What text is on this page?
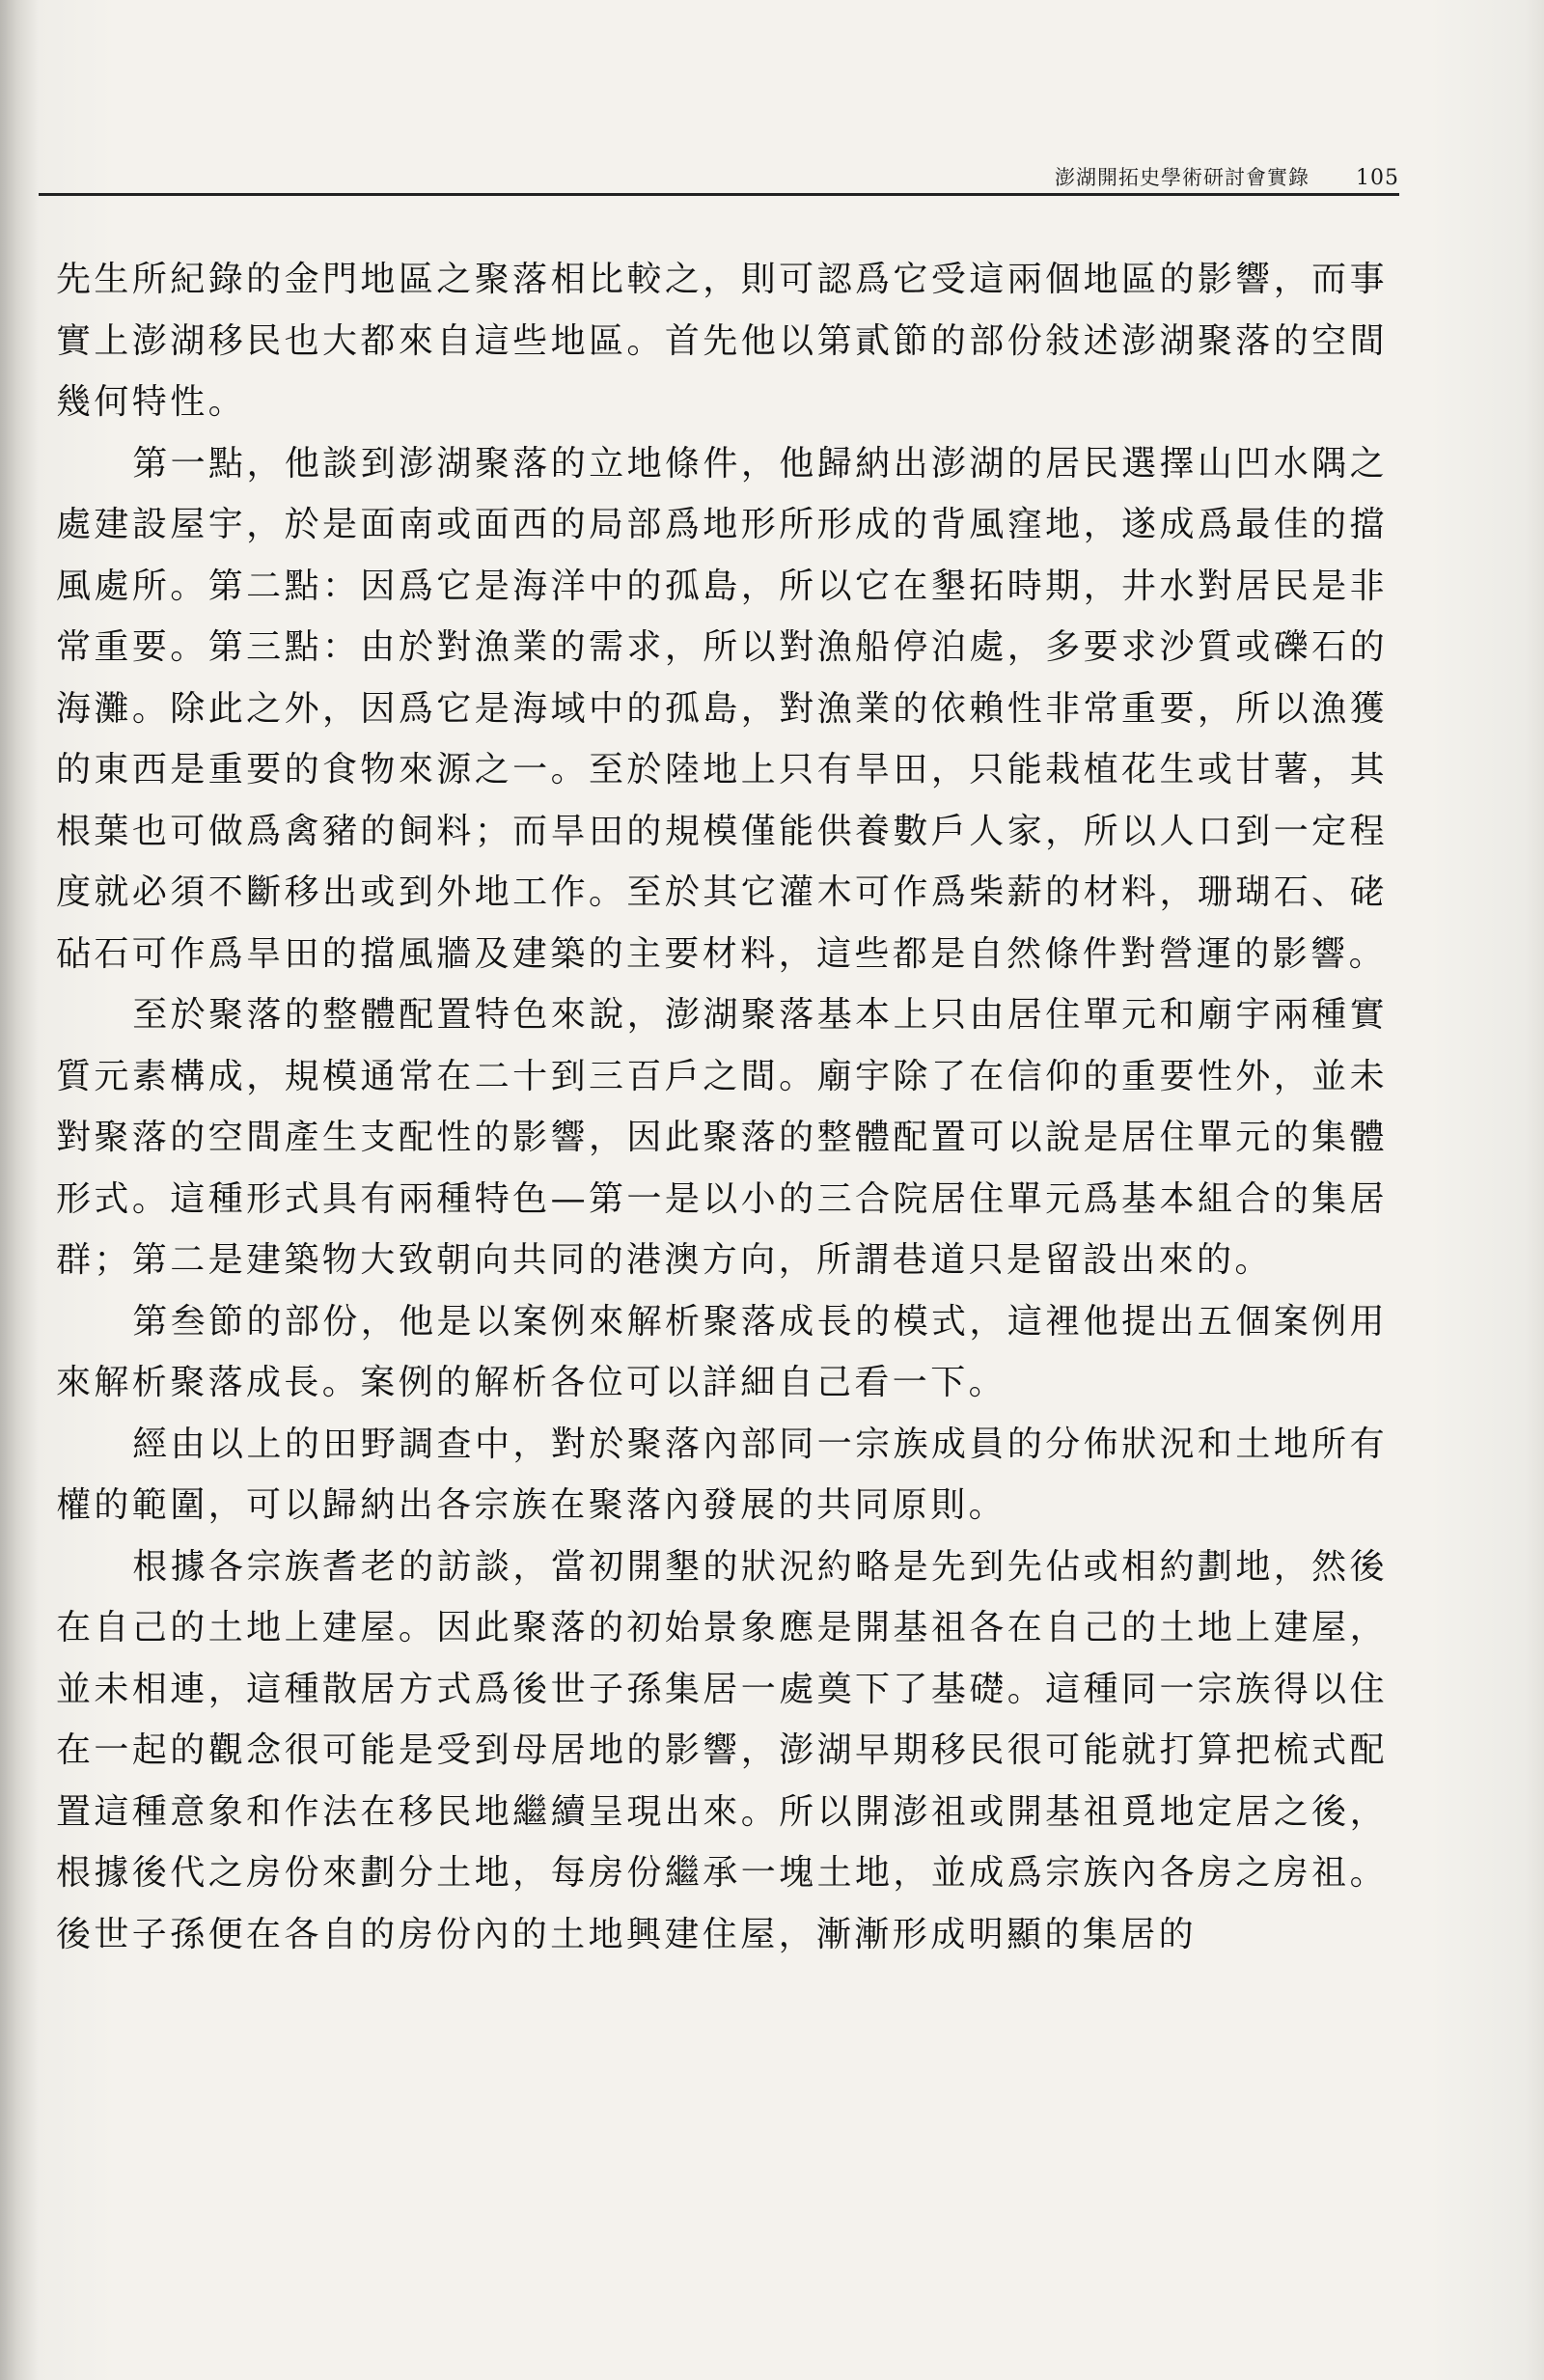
澎湖開拓史學術研討會實錄 105

先生所紀錄的金門地區之聚落相比較之，則可認爲它受這兩個地區的影響，而事實上澎湖移民也大都來自這些地區。首先他以第貳節的部份敍述澎湖聚落的空間幾何特性。

第一點，他談到澎湖聚落的立地條件，他歸納出澎湖的居民選擇山凹水隅之處建設屋宇，於是面南或面西的局部爲地形所形成的背風窪地，遂成爲最佳的擋風處所。第二點：因爲它是海洋中的孤島，所以它在墾拓時期，井水對居民是非常重要。第三點：由於對漁業的需求，所以對漁船停泊處，多要求沙質或礫石的海灘。除此之外，因爲它是海域中的孤島，對漁業的依賴性非常重要，所以漁獲的東西是重要的食物來源之一。至於陸地上只有旱田，只能栽植花生或甘薯，其根葉也可做爲禽豬的飼料；而旱田的規模僅能供養數戶人家，所以人口到一定程度就必須不斷移出或到外地工作。至於其它灌木可作爲柴薪的材料，珊瑚石、硓砧石可作爲旱田的擋風牆及建築的主要材料，這些都是自然條件對營運的影響。

至於聚落的整體配置特色來說，澎湖聚落基本上只由居住單元和廟宇兩種實質元素構成，規模通常在二十到三百戶之間。廟宇除了在信仰的重要性外，並未對聚落的空間產生支配性的影響，因此聚落的整體配置可以說是居住單元的集體形式。這種形式具有兩種特色—第一是以小的三合院居住單元爲基本組合的集居群；第二是建築物大致朝向共同的港澳方向，所謂巷道只是留設出來的。

第叁節的部份，他是以案例來解析聚落成長的模式，這裡他提出五個案例用來解析聚落成長。案例的解析各位可以詳細自己看一下。

經由以上的田野調查中，對於聚落內部同一宗族成員的分佈狀況和土地所有權的範圍，可以歸納出各宗族在聚落內發展的共同原則。

根據各宗族耆老的訪談，當初開墾的狀況約略是先到先佔或相約劃地，然後在自己的土地上建屋。因此聚落的初始景象應是開基祖各在自己的土地上建屋，並未相連，這種散居方式爲後世子孫集居一處奠下了基礎。這種同一宗族得以住在一起的觀念很可能是受到母居地的影響，澎湖早期移民很可能就打算把梳式配置這種意象和作法在移民地繼續呈現出來。所以開澎祖或開基祖覓地定居之後，根據後代之房份來劃分土地，每房份繼承一塊土地，並成爲宗族內各房之房祖。後世子孫便在各自的房份內的土地興建住屋，漸漸形成明顯的集居的
